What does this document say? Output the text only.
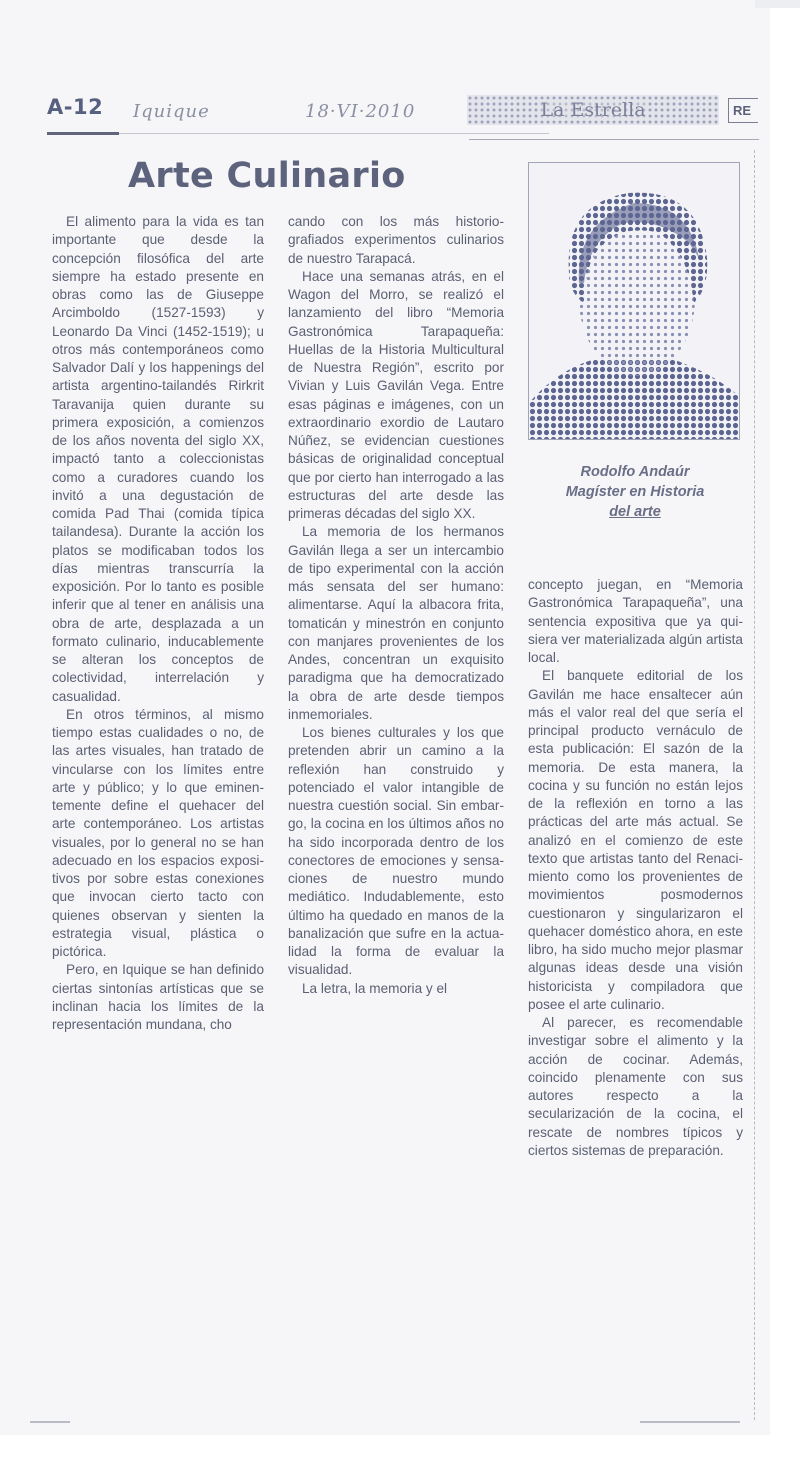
A-12 Iquique	18·VI·2010	La Estrella	RE
Arte Culinario

El alimento para la vida es tan importante que desde la concepción filosófica del arte siempre ha estado presente en obras como las de Giuseppe Arcimboldo (1527-1593) y Leonardo Da Vinci (1452-1519); u otros más contemporáneos como Salvador Dalí y los happenings del artista argentino-tailandés Rirkrit Taravanija quien durante su primera exposición, a comienzos de los años noventa del siglo XX, impactó tanto a coleccionistas como a curadores cuando los invitó a una degustación de comida Pad Thai (comida típica tailandesa). Durante la acción los platos se modificaban todos los días mientras transcurría la exposición. Por lo tanto es posible inferir que al tener en análisis una obra de arte, desplazada a un formato culinario, inducablemente se alteran los conceptos de colectividad, interrelación y casualidad.

En otros términos, al mismo tiempo estas cualidades o no, de las artes visuales, han tratado de vincularse con los límites entre arte y público; y lo que eminentemente define el quehacer del arte contemporáneo. Los artistas visuales, por lo general no se han adecuado en los espacios expositivos por sobre estas conexiones que invocan cierto tacto con quienes observan y sienten la estrategia visual, plástica o pictórica.

Pero, en Iquique se han definido ciertas sintonías artísticas que se inclinan hacia los límites de la representación mundana, cho

cando con los más historiografiados experimentos culinarios de nuestro Tarapacá.

Hace una semanas atrás, en el Wagon del Morro, se realizó el lanzamiento del libro “Memoria Gastronómica Tarapaqueña: Huellas de la Historia Multicultural de Nuestra Región”, escrito por Vivian y Luis Gavilán Vega. Entre esas páginas e imágenes, con un extraordinario exordio de Lautaro Núñez, se evidencian cuestiones básicas de originalidad conceptual que por cierto han interrogado a las estructuras del arte desde las primeras décadas del siglo XX.

La memoria de los hermanos Gavilán llega a ser un intercambio de tipo experimental con la acción más sensata del ser humano: alimentarse. Aquí la albacora frita, tomaticán y minestrón en conjunto con manjares provenientes de los Andes, concentran un exquisito paradigma que ha democratizado la obra de arte desde tiempos inmemoriales.

Los bienes culturales y los que pretenden abrir un camino a la reflexión han construido y potenciado el valor intangible de nuestra cuestión social. Sin embargo, la cocina en los últimos años no ha sido incorporada dentro de los conectores de emociones y sensaciones de nuestro mundo mediático. Indudablemente, esto último ha quedado en manos de la banalización que sufre en la actualidad la forma de evaluar la visualidad.

La letra, la memoria y el

Rodolfo Andaúr
Magíster en Historia
del arte

concepto juegan, en “Memoria Gastronómica Tarapaqueña”, una sentencia expositiva que ya quisiera ver materializada algún artista local.

El banquete editorial de los Gavilán me hace ensaltecer aún más el valor real del que sería el principal producto vernáculo de esta publicación: El sazón de la memoria. De esta manera, la cocina y su función no están lejos de la reflexión en torno a las prácticas del arte más actual. Se analizó en el comienzo de este texto que artistas tanto del Renacimiento como los provenientes de movimientos posmodernos cuestionaron y singularizaron el quehacer doméstico ahora, en este libro, ha sido mucho mejor plasmar algunas ideas desde una visión historicista y compiladora que posee el arte culinario.

Al parecer, es recomendable investigar sobre el alimento y la acción de cocinar. Además, coincido plenamente con sus autores respecto a la secularización de la cocina, el rescate de nombres típicos y ciertos sistemas de preparación.
